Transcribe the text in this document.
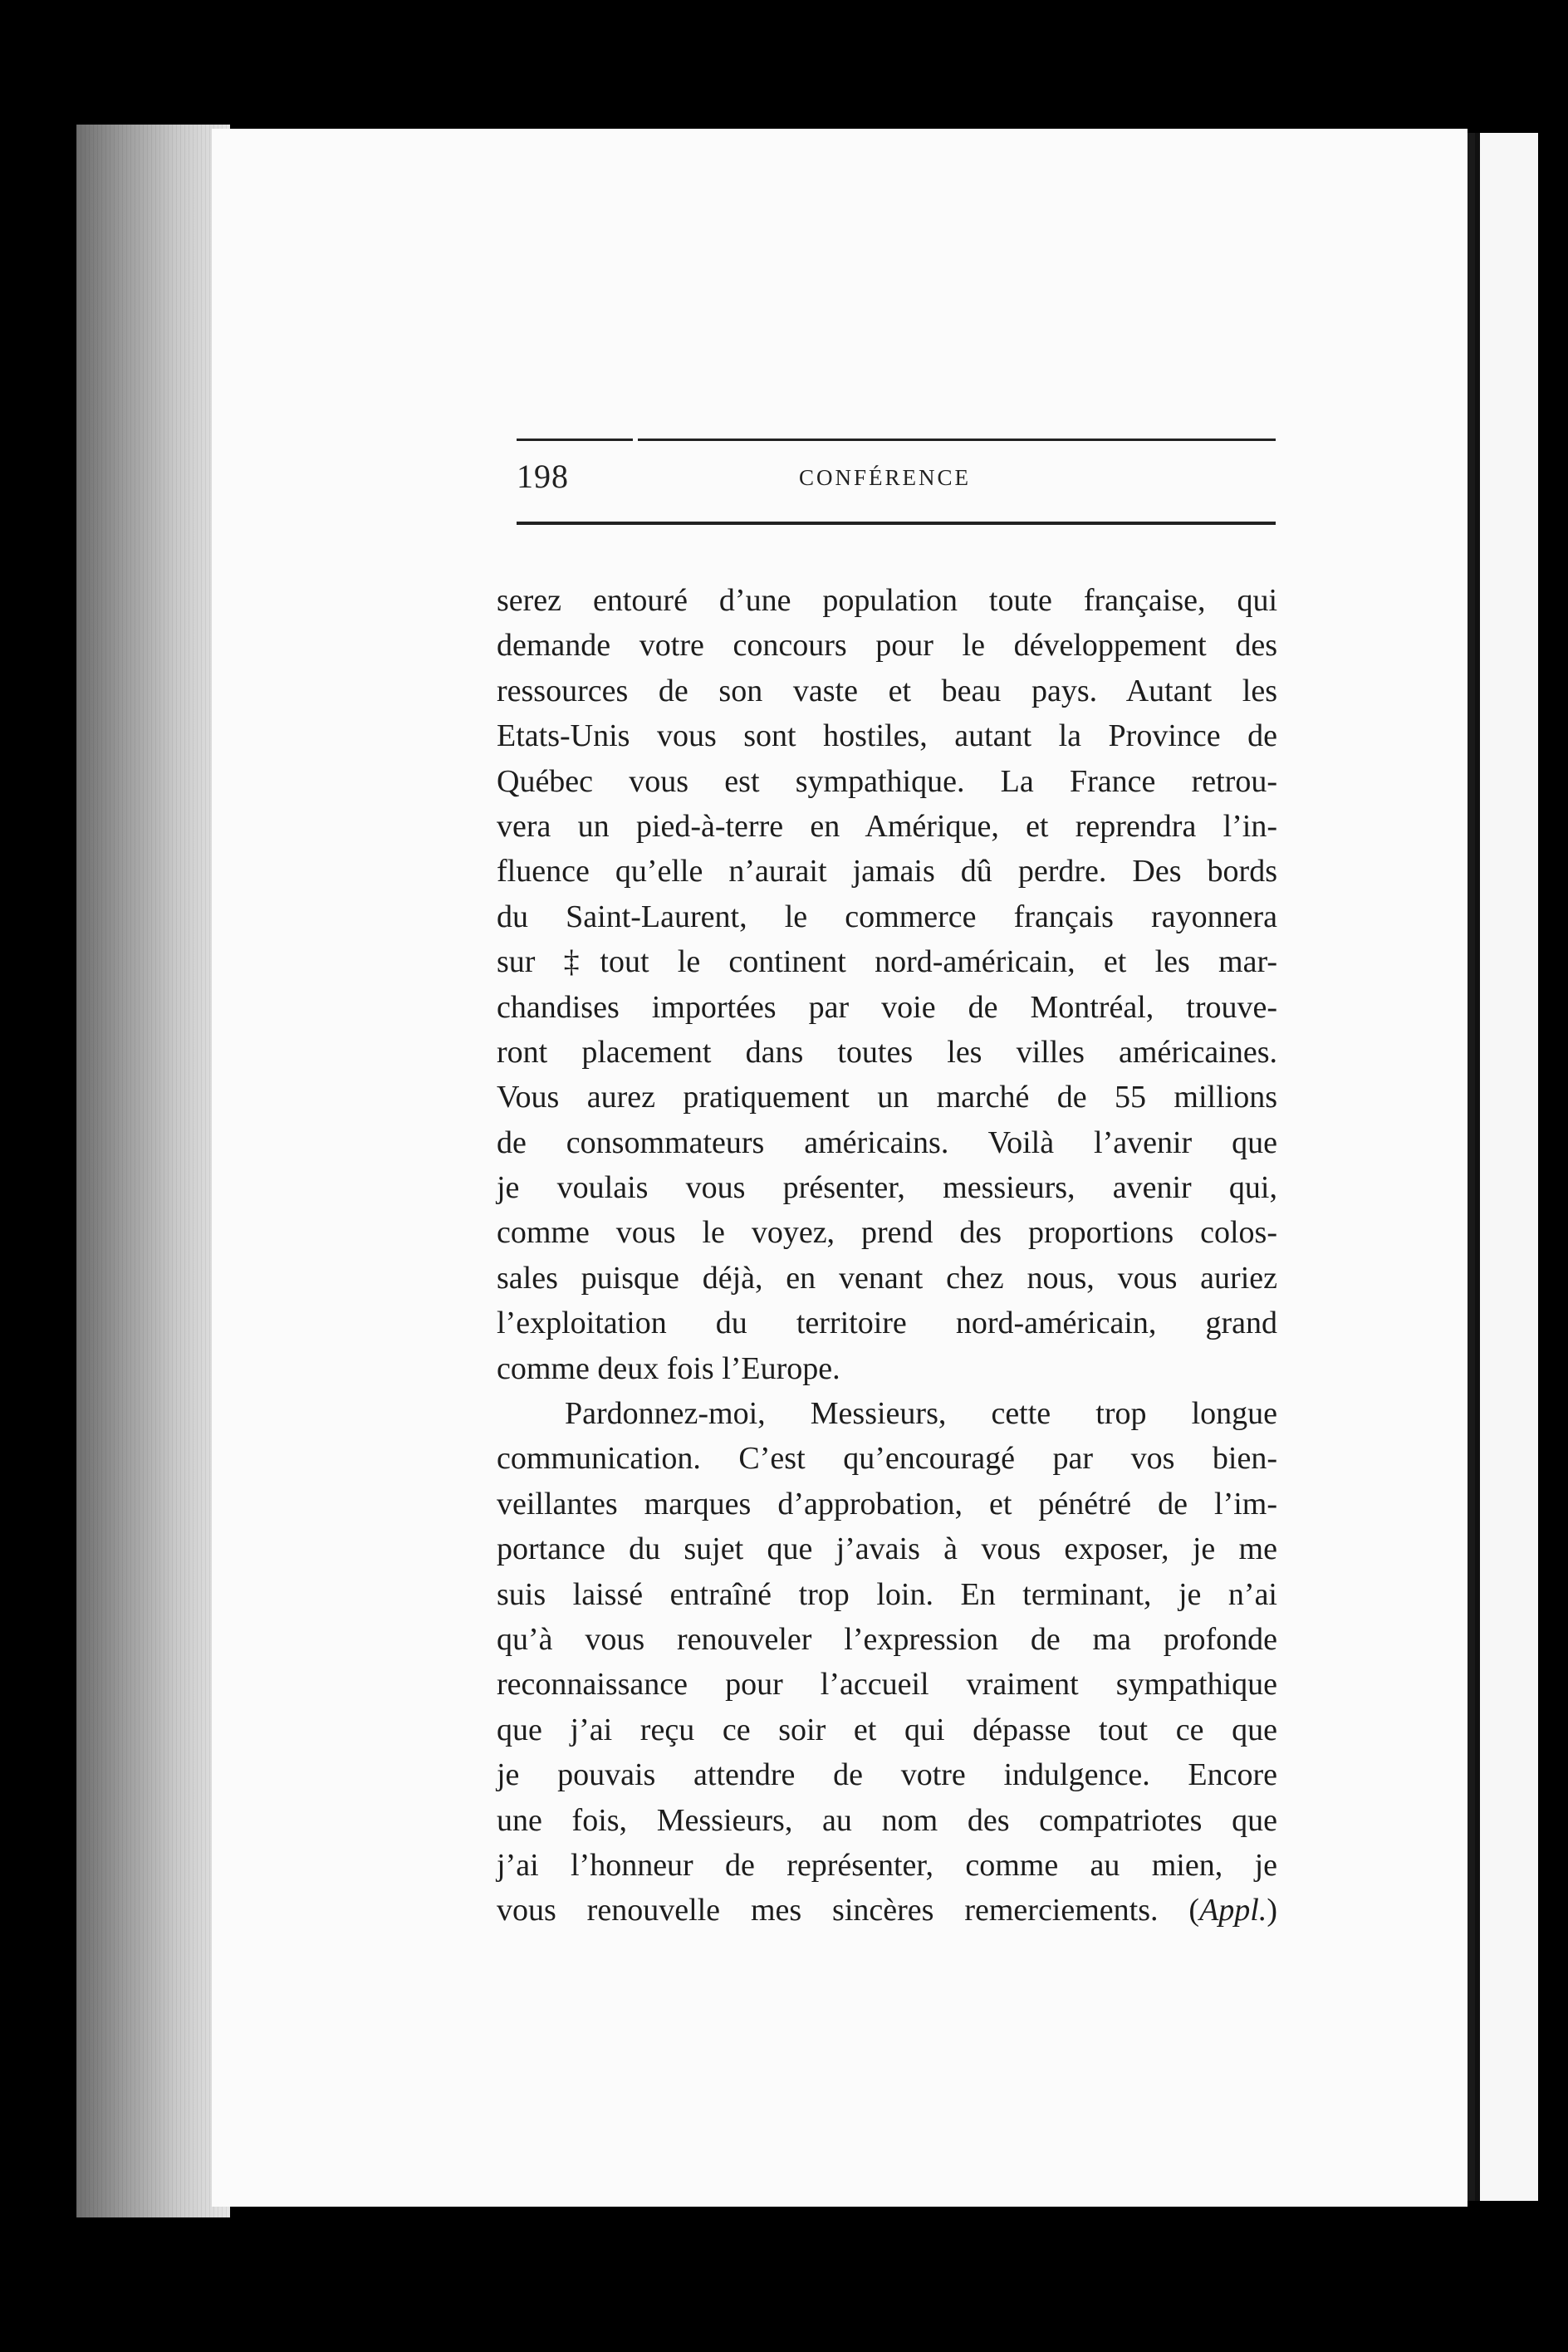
198	CONFÉRENCE
serez entouré d’une population toute française, qui
demande votre concours pour le développement des
ressources de son vaste et beau pays. Autant les
Etats-Unis vous sont hostiles, autant la Province de
Québec vous est sympathique. La France retrou-
vera un pied-à-terre en Amérique, et reprendra l’in-
fluence qu’elle n’aurait jamais dû perdre. Des bords
du Saint-Laurent, le commerce français rayonnera
sur ‡tout le continent nord-américain, et les mar-
chandises importées par voie de Montréal, trouve-
ront placement dans toutes les villes américaines.
Vous aurez pratiquement un marché de 55 millions
de consommateurs américains. Voilà l’avenir que
je voulais vous présenter, messieurs, avenir qui,
comme vous le voyez, prend des proportions colos-
sales puisque déjà, en venant chez nous, vous auriez
l’exploitation du territoire nord-américain, grand
comme deux fois l’Europe.
Pardonnez-moi, Messieurs, cette trop longue
communication. C’est qu’encouragé par vos bien-
veillantes marques d’approbation, et pénétré de l’im-
portance du sujet que j’avais à vous exposer, je me
suis laissé entraîné trop loin. En terminant, je n’ai
qu’à vous renouveler l’expression de ma profonde
reconnaissance pour l’accueil vraiment sympathique
que j’ai reçu ce soir et qui dépasse tout ce que
je pouvais attendre de votre indulgence. Encore
une fois, Messieurs, au nom des compatriotes que
j’ai l’honneur de représenter, comme au mien, je
vous renouvelle mes sincères remerciements. (Appl.)
